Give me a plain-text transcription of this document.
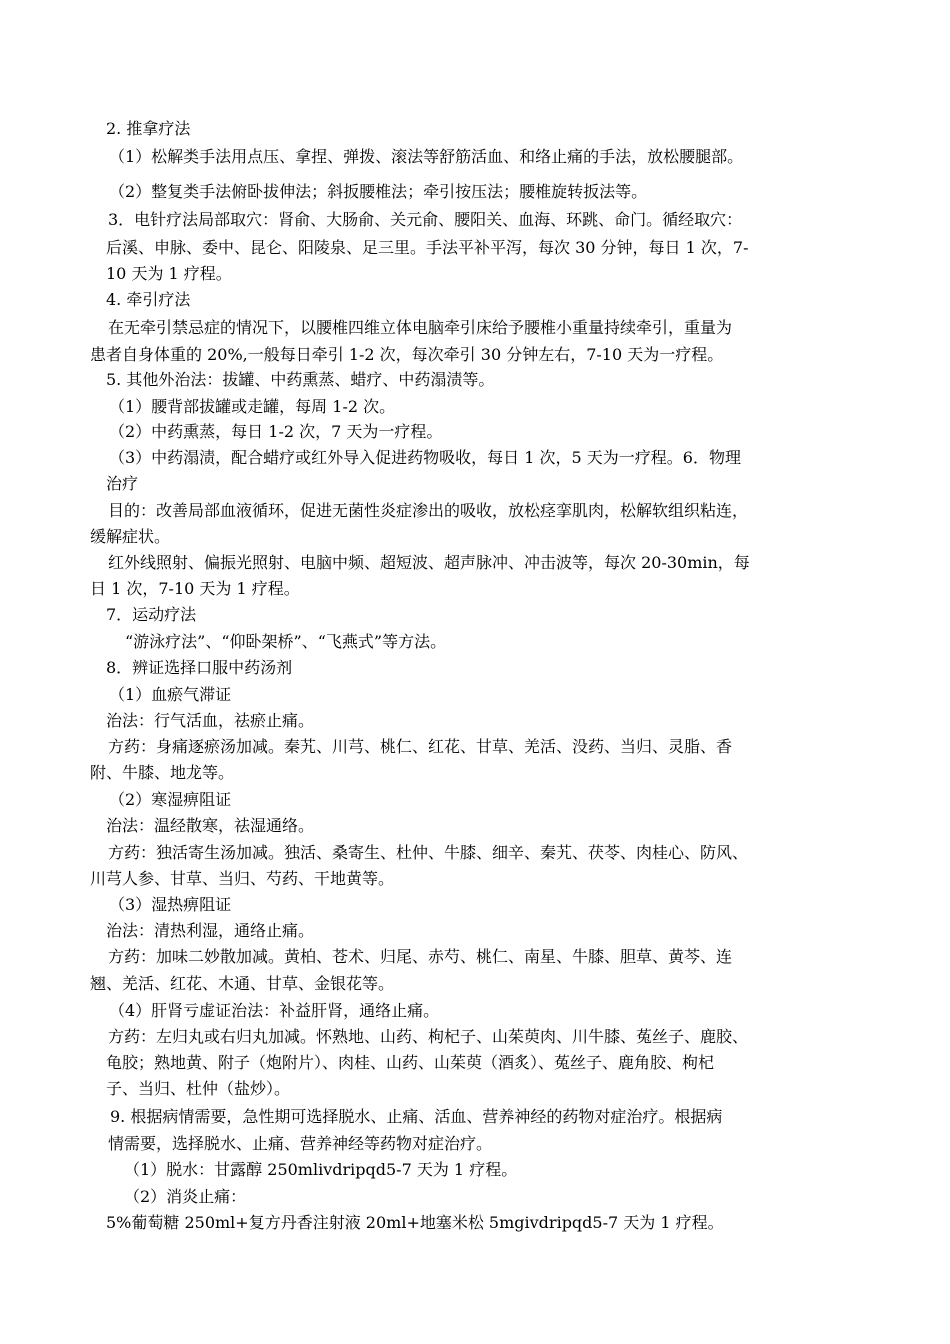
2. 推拿疗法
（1）松解类手法用点压、拿捏、弹拨、滚法等舒筋活血、和络止痛的手法，放松腰腿部。
（2）整复类手法俯卧拔伸法；斜扳腰椎法；牵引按压法；腰椎旋转扳法等。
3．电针疗法局部取穴：肾俞、大肠俞、关元俞、腰阳关、血海、环跳、命门。循经取穴：
后溪、申脉、委中、昆仑、阳陵泉、足三里。手法平补平泻，每次 30 分钟，每日 1 次，7-
10 天为 1 疗程。
4. 牵引疗法
在无牵引禁忌症的情况下，以腰椎四维立体电脑牵引床给予腰椎小重量持续牵引，重量为
患者自身体重的 20%,一般每日牵引 1-2 次，每次牵引 30 分钟左右，7-10 天为一疗程。
5. 其他外治法：拔罐、中药熏蒸、蜡疗、中药溻渍等。
（1）腰背部拔罐或走罐，每周 1-2 次。
（2）中药熏蒸，每日 1-2 次，7 天为一疗程。
（3）中药溻渍，配合蜡疗或红外导入促进药物吸收，每日 1 次，5 天为一疗程。6．物理
治疗
目的：改善局部血液循环，促进无菌性炎症渗出的吸收，放松痉挛肌肉，松解软组织粘连，
缓解症状。
红外线照射、偏振光照射、电脑中频、超短波、超声脉冲、冲击波等，每次 20-30min，每
日 1 次，7-10 天为 1 疗程。
7．运动疗法
“游泳疗法”、“仰卧架桥”、“飞燕式”等方法。
8．辨证选择口服中药汤剂
（1）血瘀气滞证
治法：行气活血，祛瘀止痛。
方药：身痛逐瘀汤加减。秦艽、川芎、桃仁、红花、甘草、羌活、没药、当归、灵脂、香
附、牛膝、地龙等。
（2）寒湿痹阻证
治法：温经散寒，祛湿通络。
方药：独活寄生汤加减。独活、桑寄生、杜仲、牛膝、细辛、秦艽、茯苓、肉桂心、防风、
川芎人参、甘草、当归、芍药、干地黄等。
（3）湿热痹阻证
治法：清热利湿，通络止痛。
方药：加味二妙散加减。黄柏、苍术、归尾、赤芍、桃仁、南星、牛膝、胆草、黄芩、连
翘、羌活、红花、木通、甘草、金银花等。
（4）肝肾亏虚证治法：补益肝肾，通络止痛。
方药：左归丸或右归丸加减。怀熟地、山药、枸杞子、山茱萸肉、川牛膝、菟丝子、鹿胶、
龟胶；熟地黄、附子（炮附片）、肉桂、山药、山茱萸（酒炙）、菟丝子、鹿角胶、枸杞
子、当归、杜仲（盐炒）。
9. 根据病情需要，急性期可选择脱水、止痛、活血、营养神经的药物对症治疗。根据病
情需要，选择脱水、止痛、营养神经等药物对症治疗。
（1）脱水：甘露醇 250mlivdripqd5-7 天为 1 疗程。
（2）消炎止痛：
5%葡萄糖 250ml+复方丹香注射液 20ml+地塞米松 5mgivdripqd5-7 天为 1 疗程。
